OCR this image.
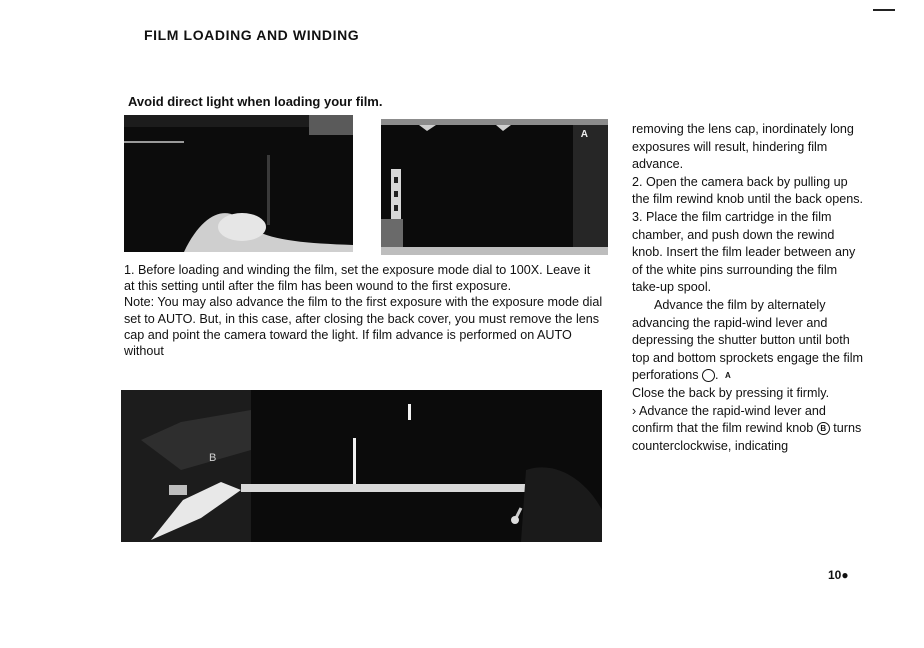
FILM LOADING AND WINDING
Avoid direct light when loading your film.
A
B

1. Before loading and winding the film, set the exposure mode dial to 100X. Leave it at this setting until after the film has been wound to the first exposure.

Note: You may also advance the film to the first exposure with the exposure mode dial set to AUTO. But, in this case, after closing the back cover, you must remove the lens cap and point the camera toward the light. If film advance is performed on AUTO without

removing the lens cap, inordinately long exposures will result, hindering film advance.

2. Open the camera back by pulling up the film rewind knob until the back opens.

3. Place the film cartridge in the film chamber, and push down the rewind knob. Insert the film leader between any of the white pins surrounding the film take-up spool.

Advance the film by alternately advancing the rapid-wind lever and depressing the shutter button until both top and bottom sprockets engage the film perforations	A.

Close the back by pressing it firmly.

› Advance the rapid-wind lever and confirm that the film rewind knob B turns counterclockwise, indicating

10●
